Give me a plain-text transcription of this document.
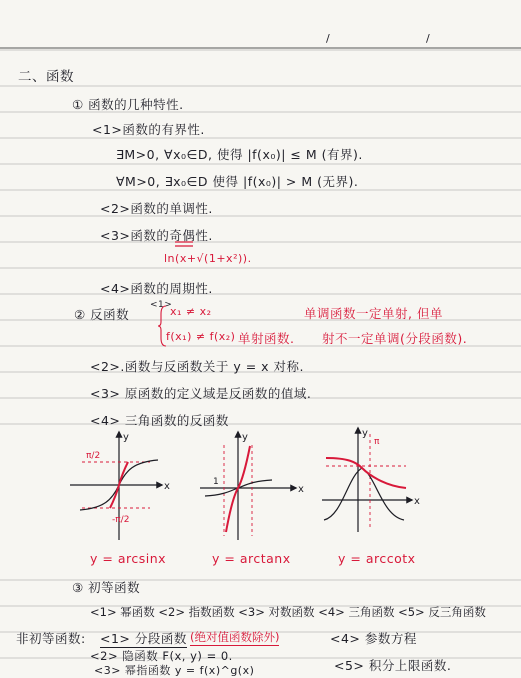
/	/
二、函数
① 函数的几种特性.
<1>函数的有界性.
∃M>0, ∀x₀∈D, 使得 |f(x₀)| ≤ M (有界).
∀M>0, ∃x₀∈D 使得 |f(x₀)| > M (无界).
<2>函数的单调性.
<3>函数的奇偶性.
ln(x+√(1+x²)).
<4>函数的周期性.
② 反函数
<1>
x₁ ≠ x₂
f(x₁) ≠ f(x₂) 单射函数.
单调函数一定单射, 但单
射不一定单调(分段函数).
<2>.函数与反函数关于 y = x 对称.
<3> 原函数的定义域是反函数的值域.
<4> 三角函数的反函数
π/2
-π/2
x
y
x
y
1
π
x
y
y = arcsinx	y = arctanx	y = arccotx
③ 初等函数
<1> 幂函数 <2> 指数函数 <3> 对数函数 <4> 三角函数 <5> 反三角函数
非初等函数: <1> 分段函数 (绝对值函数除外)	<4> 参数方程
<2> 隐函数 F(x, y) = 0.
<3> 幂指函数 y = f(x)^g(x)	<5> 积分上限函数.
